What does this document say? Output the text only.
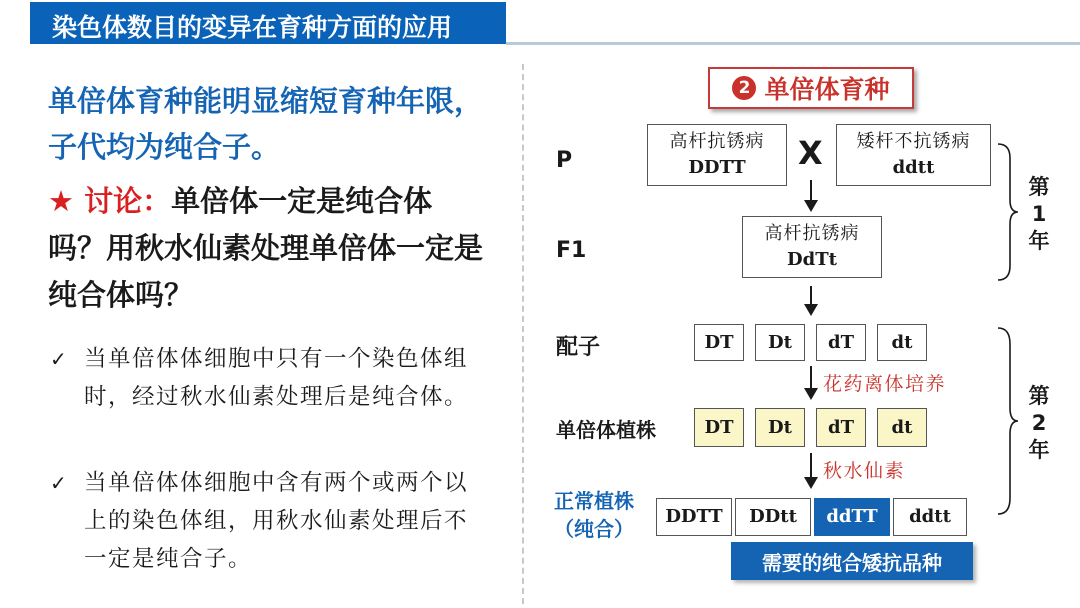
染色体数目的变异在育种方面的应用
单倍体育种能明显缩短育种年限，子代均为纯合子。
★ 讨论：单倍体一定是纯合体吗？用秋水仙素处理单倍体一定是纯合体吗？
✓ 当单倍体体细胞中只有一个染色体组时，经过秋水仙素处理后是纯合体。
✓ 当单倍体体细胞中含有两个或两个以上的染色体组，用秋水仙素处理后不一定是纯合子。
2 单倍体育种
P
F1
配子
单倍体植株
正常植株
（纯合）
高杆抗锈病
DDTT X 矮杆不抗锈病
ddtt
高杆抗锈病
DdTt
DT	Dt	dT	dt
花药离体培养
DT	Dt	dT	dt
秋水仙素
DDTT	DDtt	ddTT	ddtt
需要的纯合矮抗品种
第
1
年
第
2
年
